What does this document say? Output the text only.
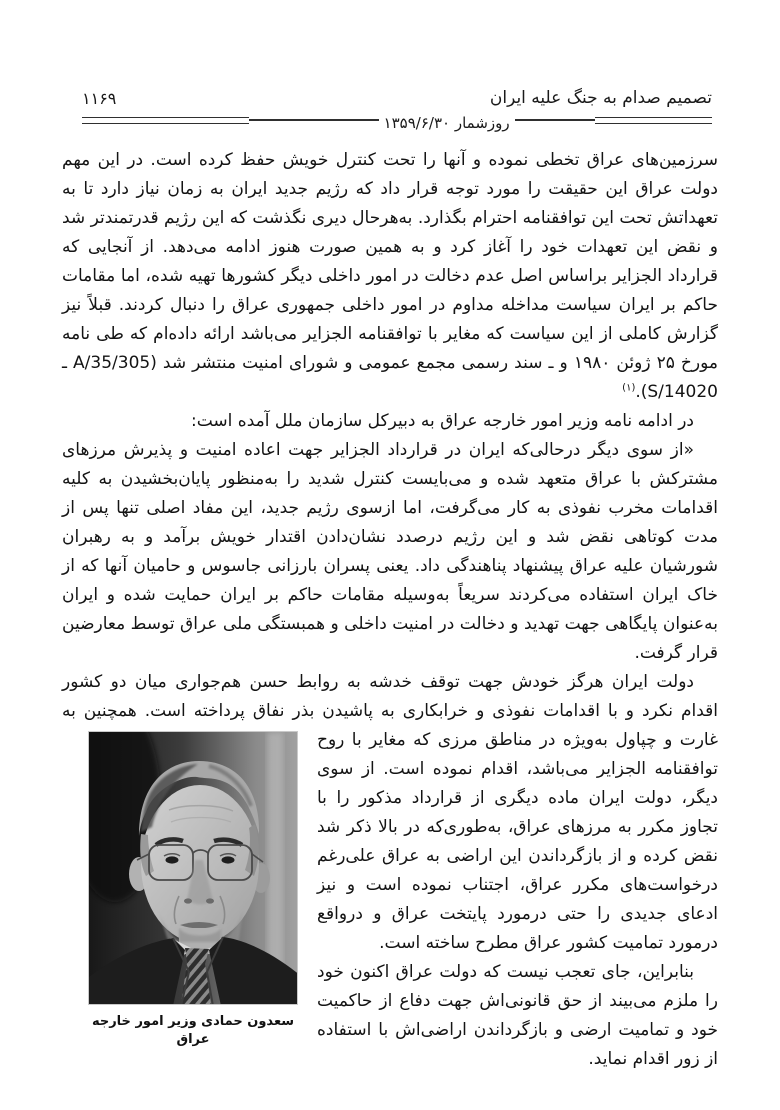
تصمیم صدام به جنگ علیه ایران
۱۱۶۹
روزشمار ۱۳۵۹/۶/۳۰
سرزمین‌های عراق تخطی نموده و آنها را تحت کنترل خویش حفظ کرده است. در این مهم دولت عراق این حقیقت را مورد توجه قرار داد که رژیم جدید ایران به زمان نیاز دارد تا به تعهداتش تحت این توافقنامه احترام بگذارد. به‌هرحال دیری نگذشت که این رژیم قدرتمندتر شد و نقض این تعهدات خود را آغاز کرد و به همین صورت هنوز ادامه می‌دهد. از آنجایی که قرارداد الجزایر براساس اصل عدم دخالت در امور داخلی دیگر کشورها تهیه شده، اما مقامات حاکم بر ایران سیاست مداخله مداوم در امور داخلی جمهوری عراق را دنبال کردند. قبلاً نیز گزارش کاملی از این سیاست که مغایر با توافقنامه الجزایر می‌باشد ارائه داده‌ام که طی نامه مورخ ۲۵ ژوئن ۱۹۸۰ و ـ سند رسمی مجمع عمومی و شورای امنیت منتشر شد (A/35/305 ـ S/14020).$^{(۱)}$
در ادامه نامه وزیر امور خارجه عراق به دبیرکل سازمان ملل آمده است:
«از سوی دیگر درحالی‌که ایران در قرارداد الجزایر جهت اعاده امنیت و پذیرش مرزهای مشترکش با عراق متعهد شده و می‌بایست کنترل شدید را به‌منظور پایان‌بخشیدن به کلیه اقدامات مخرب نفوذی به کار می‌گرفت، اما ازسوی رژیم جدید، این مفاد اصلی تنها پس از مدت کوتاهی نقض شد و این رژیم درصدد نشان‌دادن اقتدار خویش برآمد و به رهبران شورشیان علیه عراق پیشنهاد پناهندگی داد. یعنی پسران بارزانی جاسوس و حامیان آنها که از خاک ایران استفاده می‌کردند سریعاً به‌وسیله مقامات حاکم بر ایران حمایت شده و ایران به‌عنوان پایگاهی جهت تهدید و دخالت در امنیت داخلی و همبستگی ملی عراق توسط معارضین قرار گرفت.
دولت ایران هرگز خودش جهت توقف خدشه به روابط حسن هم‌جواری میان دو کشور اقدام نکرد و با اقدامات نفوذی و خرابکاری به پاشیدن بذر نفاق پرداخته است. همچنین به
سعدون حمادی وزیر امور خارجه عراق
غارت و چپاول به‌ویژه در مناطق مرزی که مغایر با روح توافقنامه الجزایر می‌باشد، اقدام نموده است. از سوی دیگر، دولت ایران ماده دیگری از قرارداد مذکور را با تجاوز مکرر به مرزهای عراق، به‌طوری‌که در بالا ذکر شد نقض کرده و از بازگرداندن این اراضی به عراق علی‌رغم درخواست‌های مکرر عراق، اجتناب نموده است و نیز ادعای جدیدی را حتی درمورد پایتخت عراق و درواقع درمورد تمامیت کشور عراق مطرح ساخته است.
بنابراین، جای تعجب نیست که دولت عراق اکنون خود را ملزم می‌بیند از حق قانونی‌اش جهت دفاع از حاکمیت خود و تمامیت ارضی و بازگرداندن اراضی‌اش با استفاده از زور اقدام نماید.
